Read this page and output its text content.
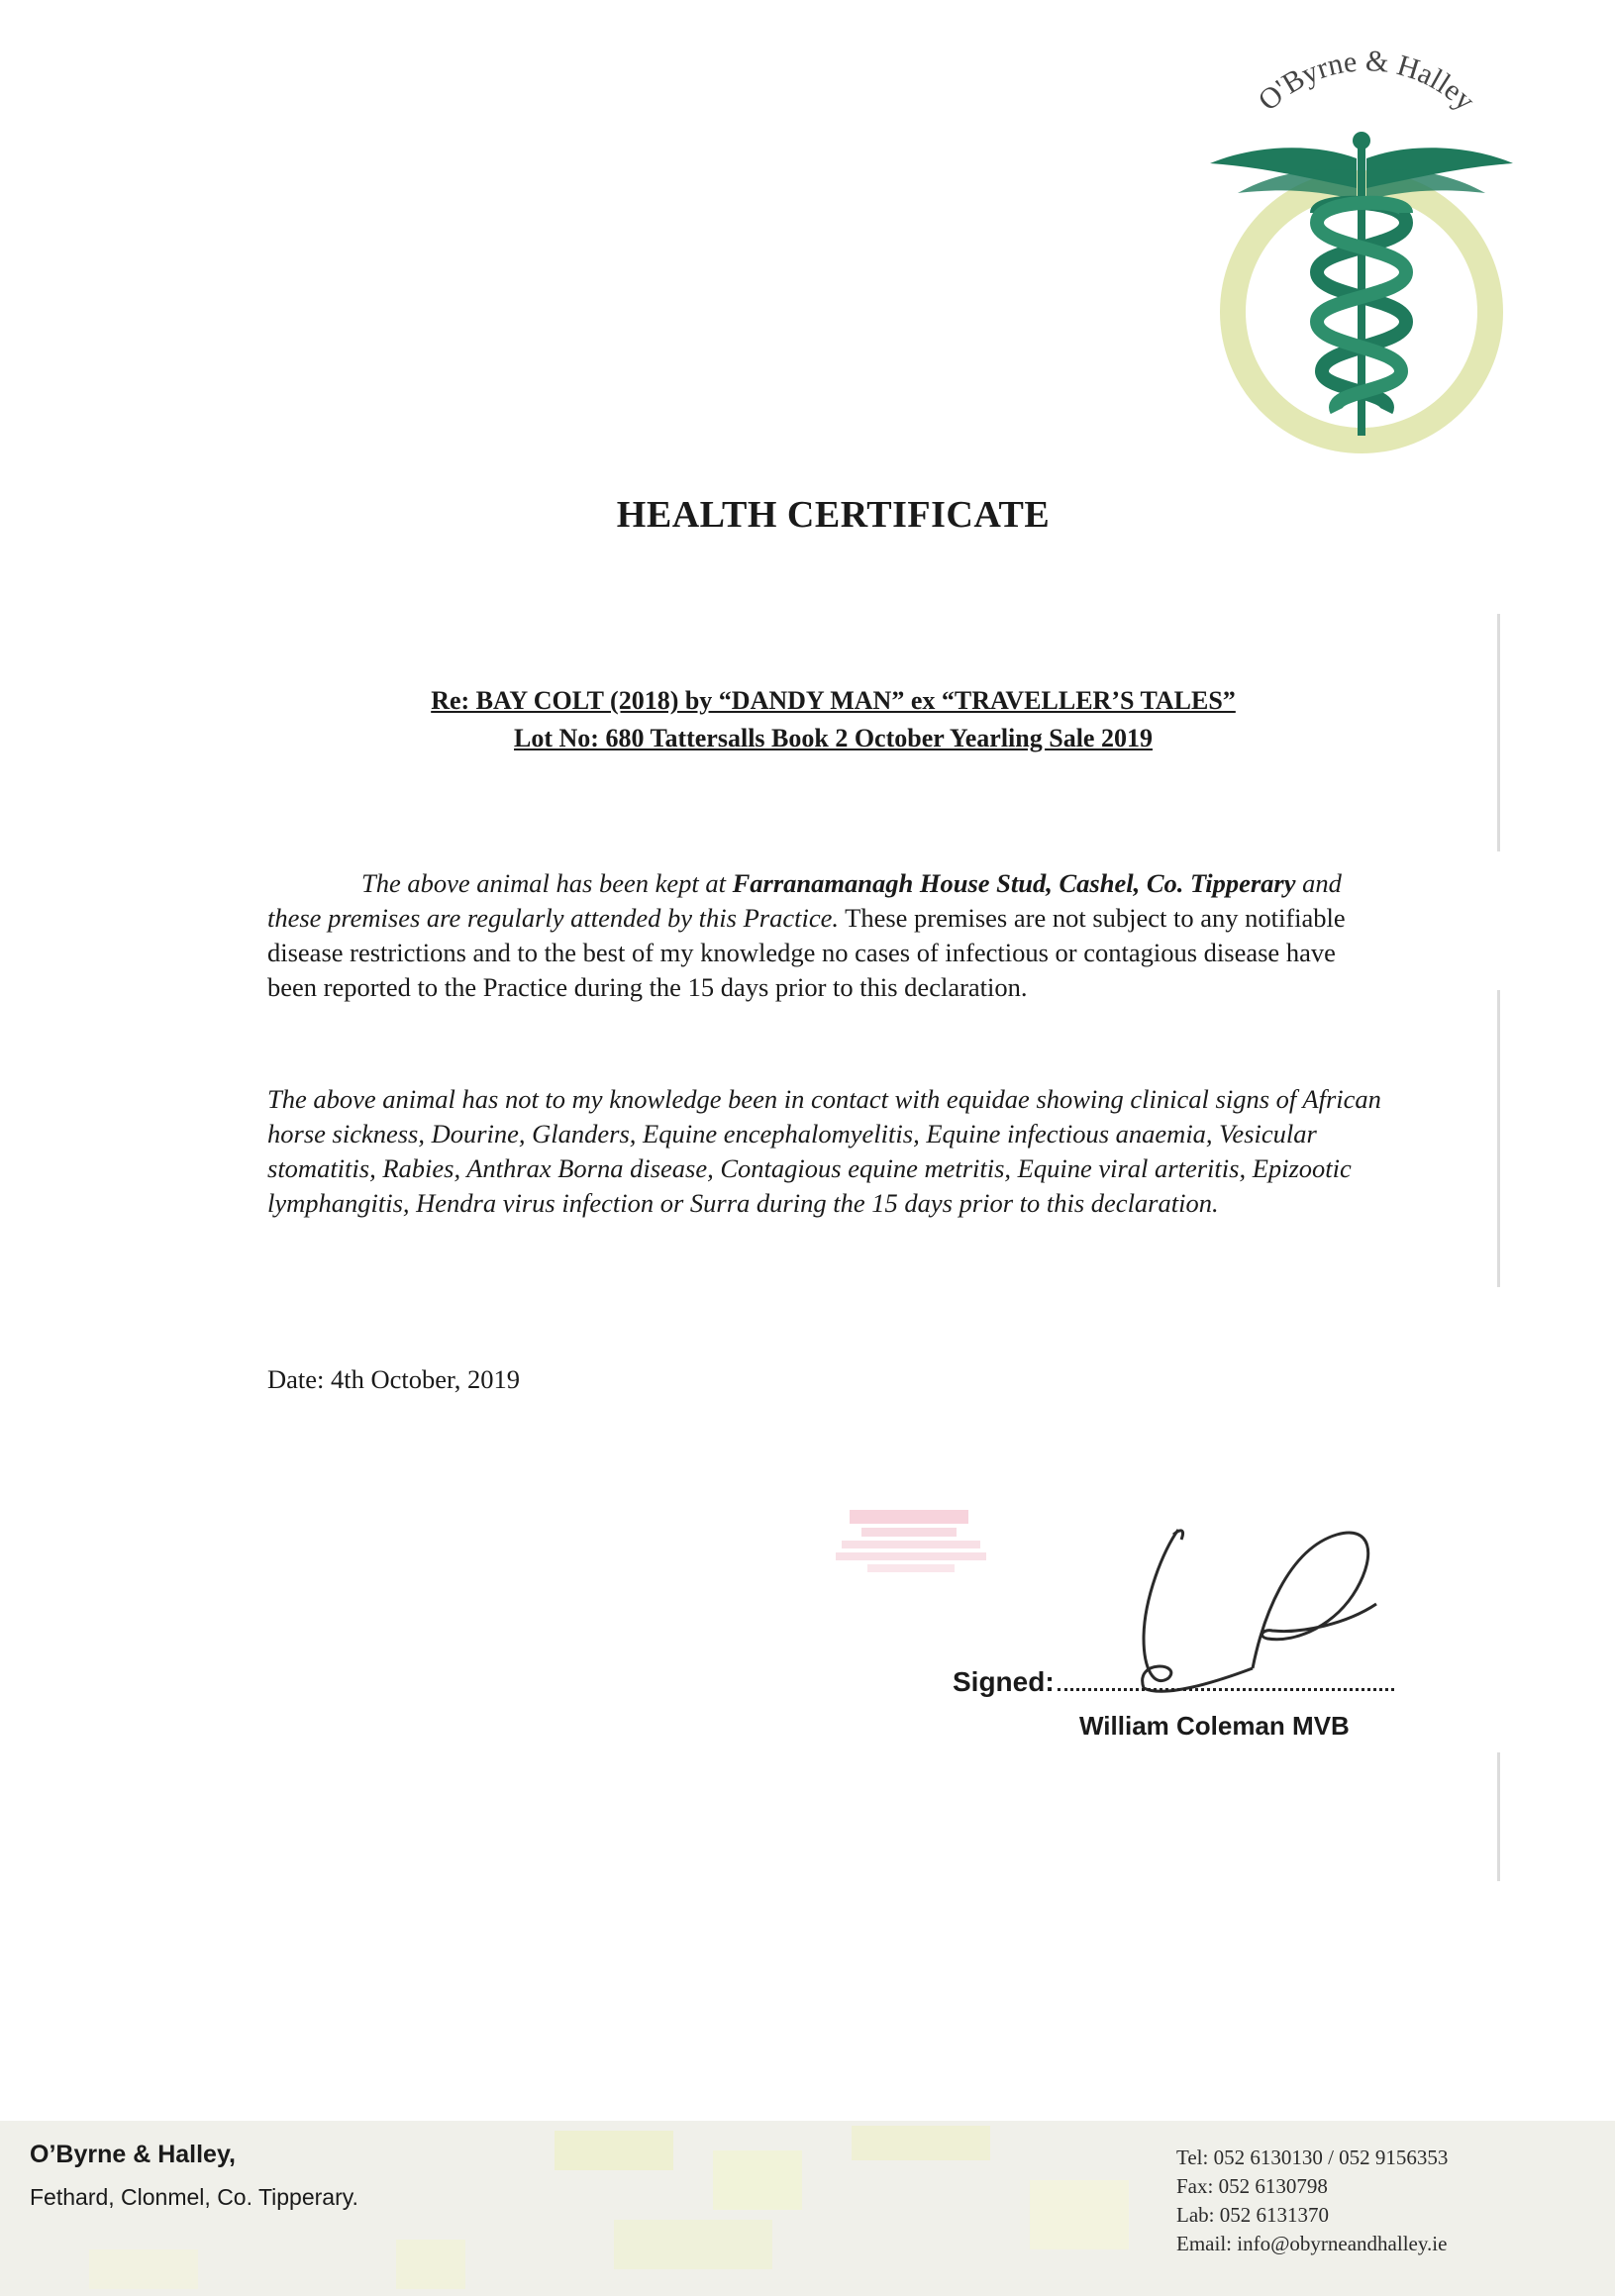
O'Byrne & Halley
HEALTH CERTIFICATE
Re: BAY COLT (2018) by “DANDY MAN” ex “TRAVELLER’S TALES”
Lot No: 680 Tattersalls Book 2 October Yearling Sale 2019

The above animal has been kept at Farranamanagh House Stud, Cashel, Co. Tipperary and these premises are regularly attended by this Practice. These premises are not subject to any notifiable disease restrictions and to the best of my knowledge no cases of infectious or contagious disease have been reported to the Practice during the 15 days prior to this declaration.

The above animal has not to my knowledge been in contact with equidae showing clinical signs of African horse sickness, Dourine, Glanders, Equine encephalomyelitis, Equine infectious anaemia, Vesicular stomatitis, Rabies, Anthrax Borna disease, Contagious equine metritis, Equine viral arteritis, Epizootic lymphangitis, Hendra virus infection or Surra during the 15 days prior to this declaration.

Date: 4th October, 2019
Signed:
William Coleman MVB
O’Byrne & Halley,
Fethard, Clonmel, Co. Tipperary.
Tel: 052 6130130 / 052 9156353
Fax: 052 6130798
Lab: 052 6131370
Email: info@obyrneandhalley.ie
